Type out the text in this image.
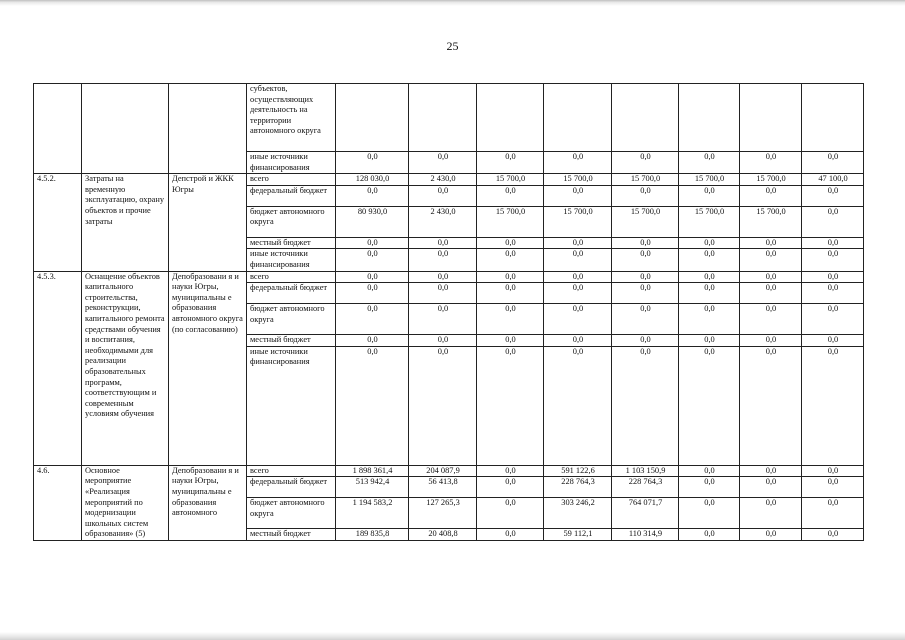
25
			субъектов, осуществляющих деятельность на территории автономного округа								
			иные источники финансирования	0,0	0,0	0,0	0,0	0,0	0,0	0,0	0,0
4.5.2.	Затраты на временную эксплуатацию, охрану объектов и прочие затраты	Депстрой и ЖКК Югры	всего	128 030,0	2 430,0	15 700,0	15 700,0	15 700,0	15 700,0	15 700,0	47 100,0
			федеральный бюджет	0,0	0,0	0,0	0,0	0,0	0,0	0,0	0,0
			бюджет автономного округа	80 930,0	2 430,0	15 700,0	15 700,0	15 700,0	15 700,0	15 700,0	0,0
			местный бюджет	0,0	0,0	0,0	0,0	0,0	0,0	0,0	0,0
			иные источники финансирования	0,0	0,0	0,0	0,0	0,0	0,0	0,0	0,0
4.5.3.	Оснащение объектов капитального строительства, реконструкции, капитального ремонта средствами обучения и воспитания, необходимыми для реализации образовательных программ, соответствующим и современным условиям обучения	Депобразовани я и науки Югры, муниципальны е образования автономного округа (по согласованию)	всего	0,0	0,0	0,0	0,0	0,0	0,0	0,0	0,0
			федеральный бюджет	0,0	0,0	0,0	0,0	0,0	0,0	0,0	0,0
			бюджет автономного округа	0,0	0,0	0,0	0,0	0,0	0,0	0,0	0,0
			местный бюджет	0,0	0,0	0,0	0,0	0,0	0,0	0,0	0,0
			иные источники финансирования	0,0	0,0	0,0	0,0	0,0	0,0	0,0	0,0
4.6.	Основное мероприятие «Реализация мероприятий по модернизации школьных систем образования» (5)	Депобразовани я и науки Югры, муниципальны е образования автономного	всего	1 898 361,4	204 087,9	0,0	591 122,6	1 103 150,9	0,0	0,0	0,0
			федеральный бюджет	513 942,4	56 413,8	0,0	228 764,3	228 764,3	0,0	0,0	0,0
			бюджет автономного округа	1 194 583,2	127 265,3	0,0	303 246,2	764 071,7	0,0	0,0	0,0
			местный бюджет	189 835,8	20 408,8	0,0	59 112,1	110 314,9	0,0	0,0	0,0
